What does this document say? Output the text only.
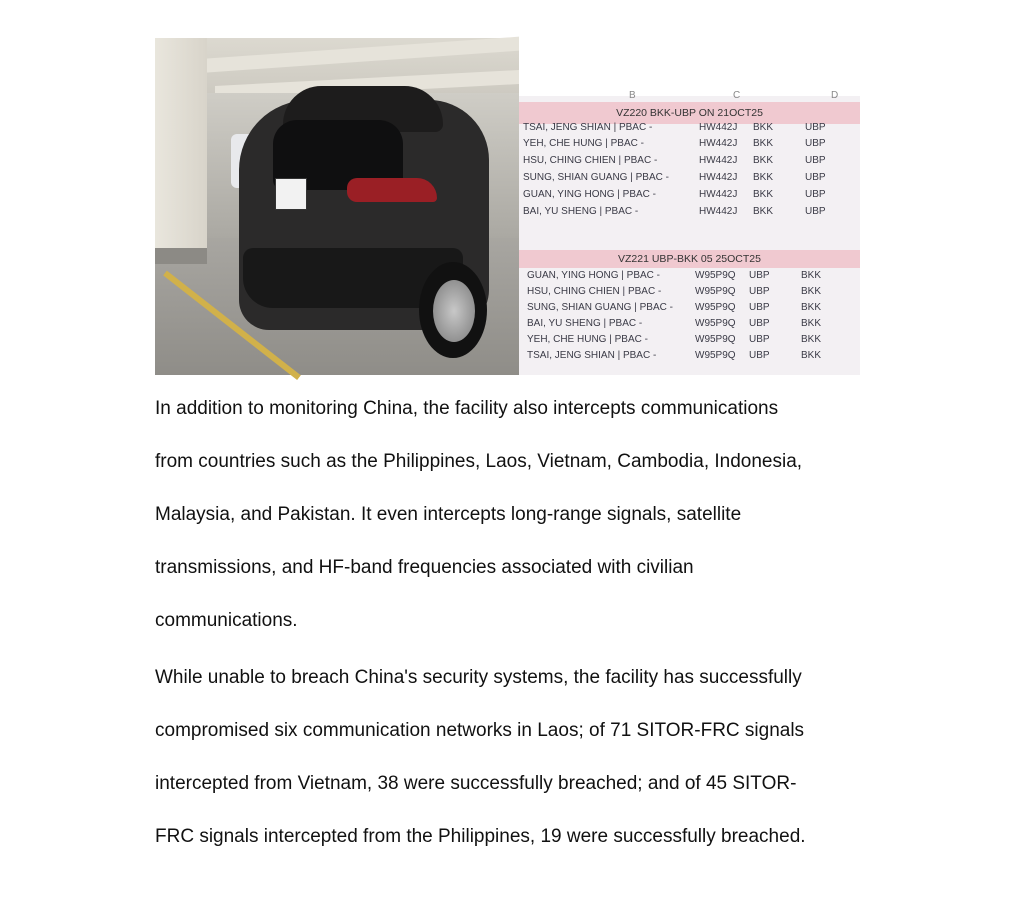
B	C	D
VZ220 BKK-UBP ON 21OCT25
TSAI, JENG SHIAN | PBAC -	HW442J BKK	UBP
YEH, CHE HUNG | PBAC -	HW442J BKK	UBP
HSU, CHING CHIEN | PBAC -	HW442J BKK	UBP
SUNG, SHIAN GUANG | PBAC -	HW442J BKK	UBP
GUAN, YING HONG | PBAC -	HW442J BKK	UBP
BAI, YU SHENG | PBAC -	HW442J BKK	UBP
VZ221 UBP-BKK 05 25OCT25
GUAN, YING HONG | PBAC -	W95P9Q UBP	BKK
HSU, CHING CHIEN | PBAC -	W95P9Q UBP	BKK
SUNG, SHIAN GUANG | PBAC - W95P9Q UBP	BKK
BAI, YU SHENG | PBAC -	W95P9Q UBP	BKK
YEH, CHE HUNG | PBAC -	W95P9Q UBP	BKK
TSAI, JENG SHIAN | PBAC -	W95P9Q UBP	BKK
In addition to monitoring China, the facility also intercepts communications
from countries such as the Philippines, Laos, Vietnam, Cambodia, Indonesia,
Malaysia, and Pakistan. It even intercepts long-range signals, satellite
transmissions, and HF-band frequencies associated with civilian
communications.
While unable to breach China's security systems, the facility has successfully
compromised six communication networks in Laos; of 71 SITOR-FRC signals
intercepted from Vietnam, 38 were successfully breached; and of 45 SITOR-
FRC signals intercepted from the Philippines, 19 were successfully breached.
